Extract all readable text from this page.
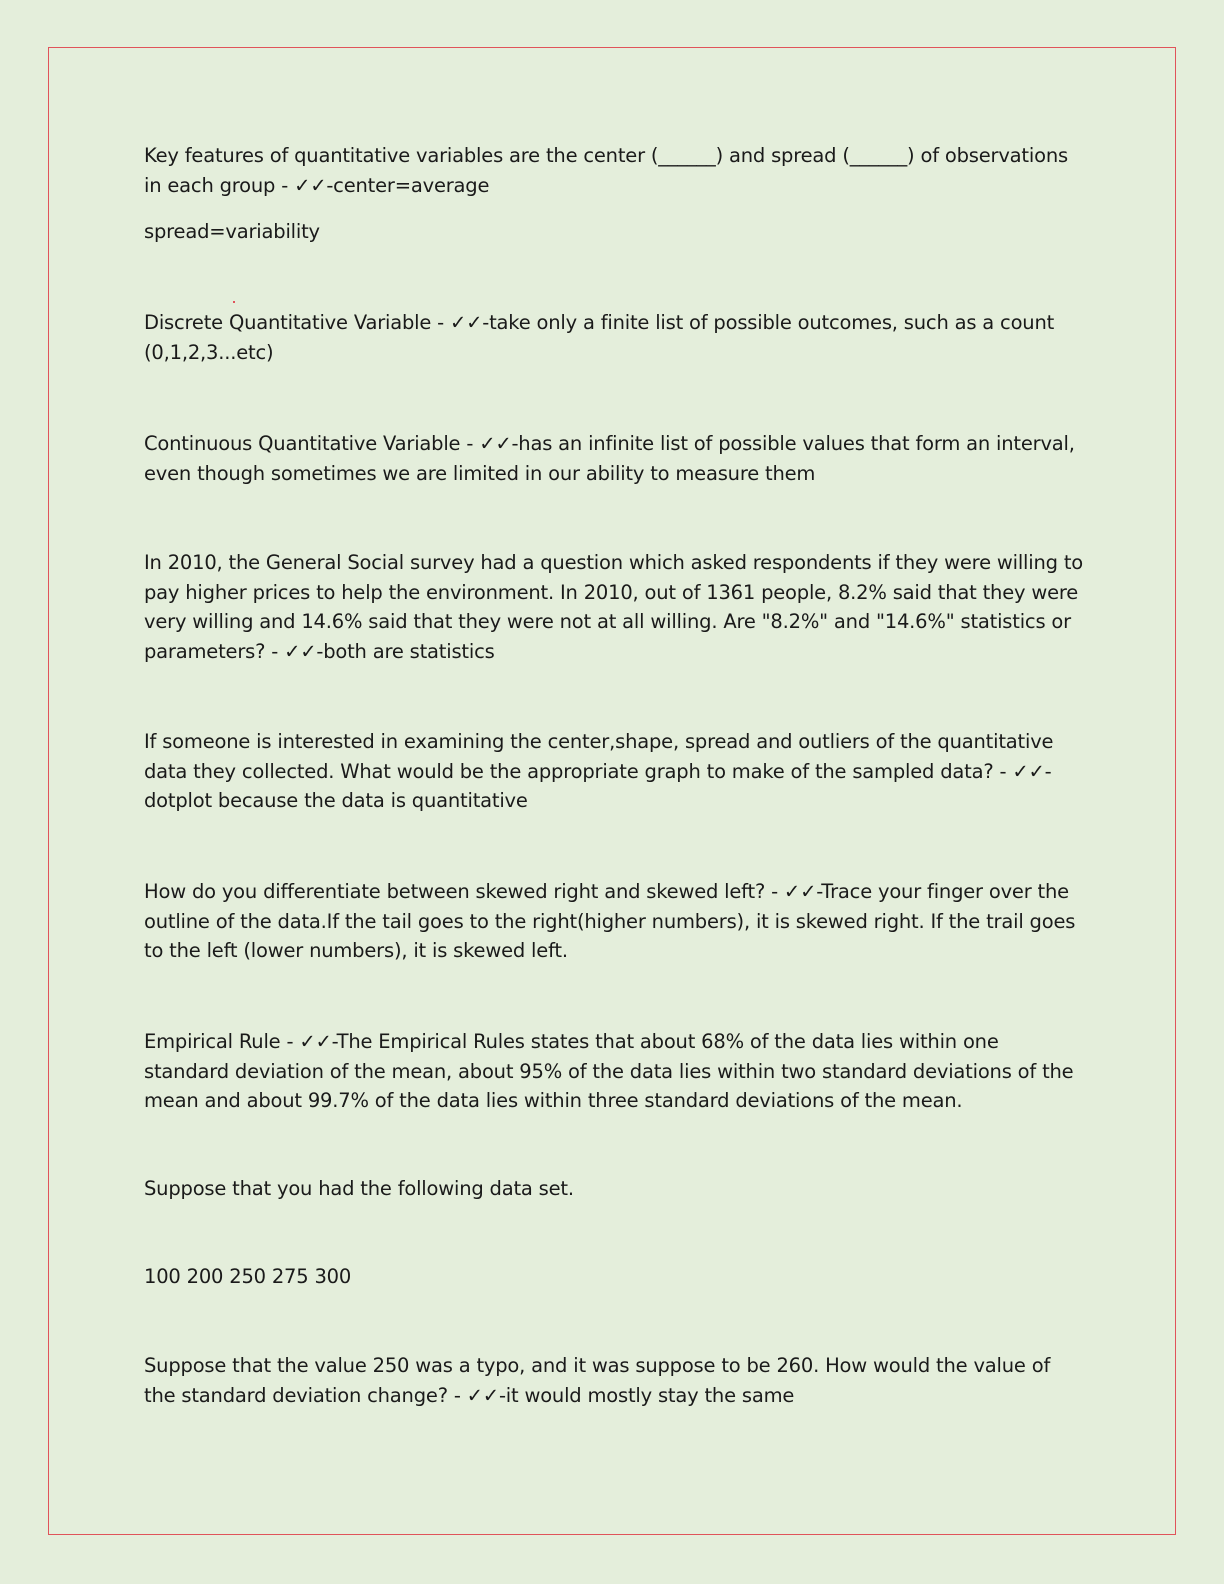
Key features of quantitative variables are the center (______) and spread (______) of observations in each group - ✓✓-center=average

spread=variability

Discrete Quantitative Variable - ✓✓-take only a finite list of possible outcomes, such as a count (0,1,2,3...etc)

Continuous Quantitative Variable - ✓✓-has an infinite list of possible values that form an interval, even though sometimes we are limited in our ability to measure them

In 2010, the General Social survey had a question which asked respondents if they were willing to pay higher prices to help the environment. In 2010, out of 1361 people, 8.2% said that they were very willing and 14.6% said that they were not at all willing. Are "8.2%" and "14.6%" statistics or parameters? - ✓✓-both are statistics

If someone is interested in examining the center,shape, spread and outliers of the quantitative data they collected. What would be the appropriate graph to make of the sampled data? - ✓✓-dotplot because the data is quantitative

How do you differentiate between skewed right and skewed left? - ✓✓-Trace your finger over the outline of the data.If the tail goes to the right(higher numbers), it is skewed right. If the trail goes to the left (lower numbers), it is skewed left.

Empirical Rule - ✓✓-The Empirical Rules states that about 68% of the data lies within one standard deviation of the mean, about 95% of the data lies within two standard deviations of the mean and about 99.7% of the data lies within three standard deviations of the mean.

Suppose that you had the following data set.

100 200 250 275 300

Suppose that the value 250 was a typo, and it was suppose to be 260. How would the value of the standard deviation change? - ✓✓-it would mostly stay the same
